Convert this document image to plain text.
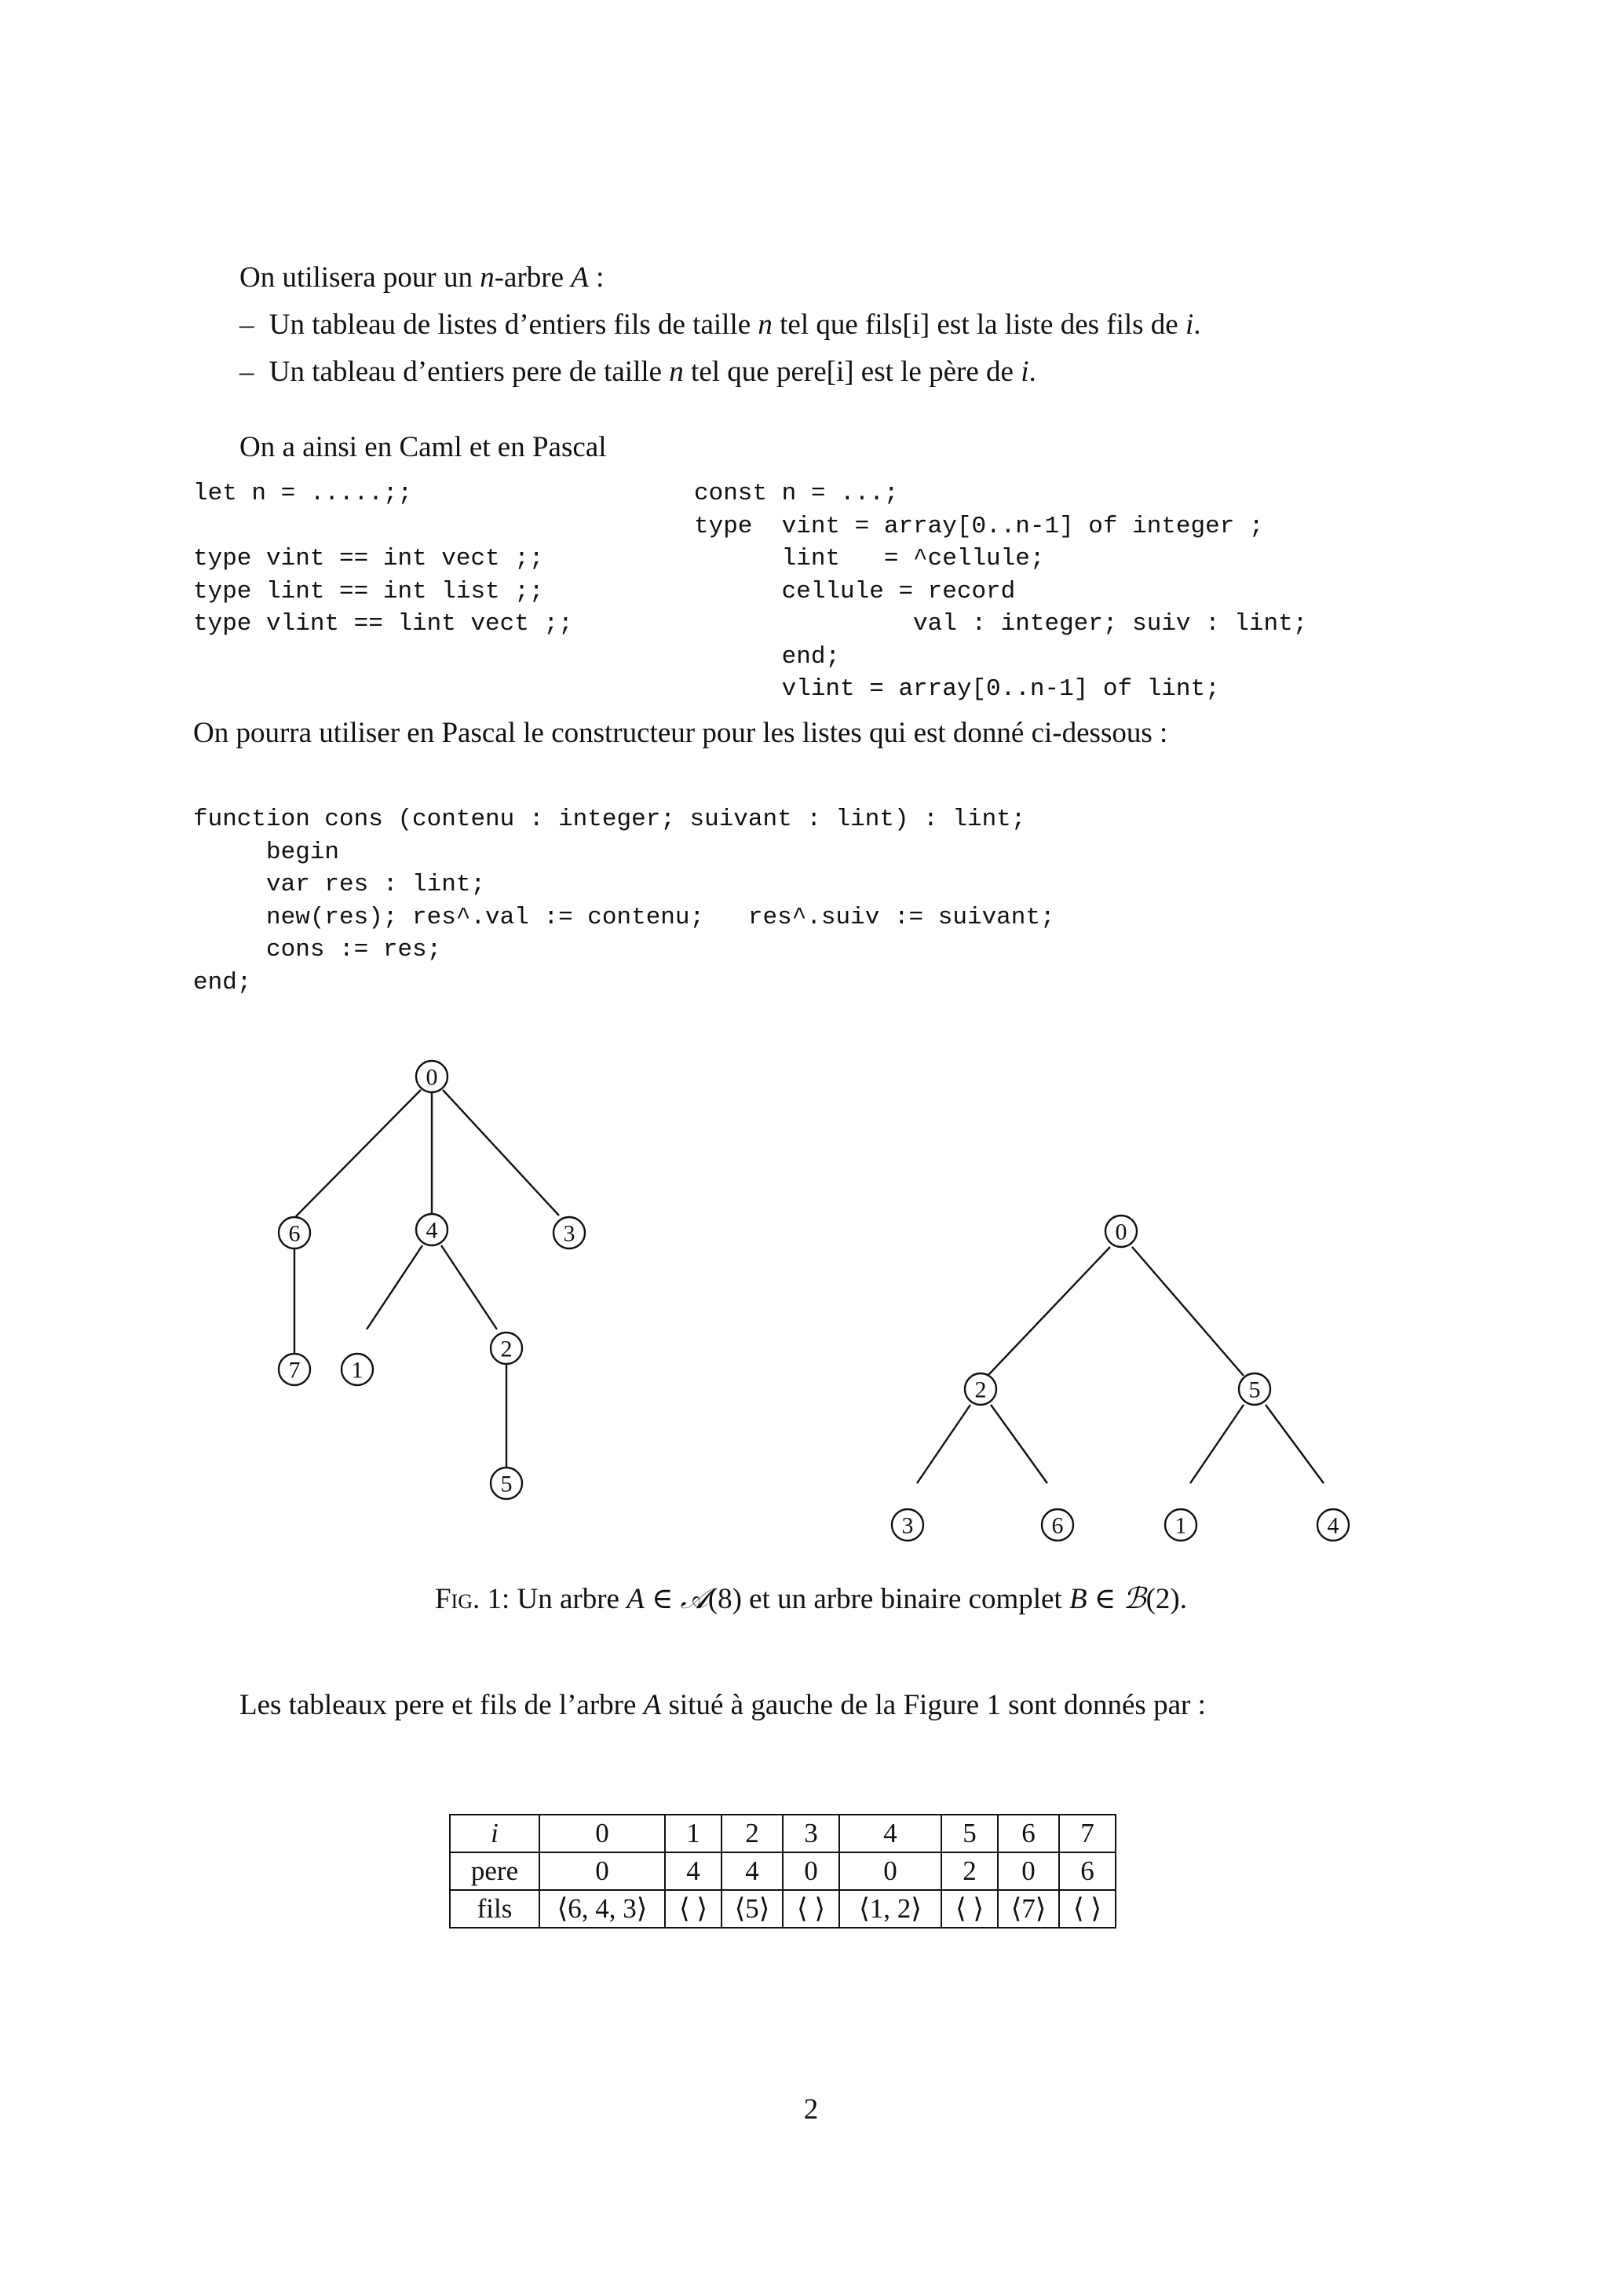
On utilisera pour un n-arbre A :
– Un tableau de listes d’entiers fils de taille n tel que fils[i] est la liste des fils de i.
– Un tableau d’entiers pere de taille n tel que pere[i] est le père de i.
On a ainsi en Caml et en Pascal
let n = .....;;

type vint == int vect ;;
type lint == int list ;;
type vlint == lint vect ;;
const n = ...;
type  vint = array[0..n-1] of integer ;
lint   = ^cellule;
cellule = record
val : integer; suiv : lint;
end;
vlint = array[0..n-1] of lint;
On pourra utiliser en Pascal le constructeur pour les listes qui est donné ci-dessous :
function cons (contenu : integer; suivant : lint) : lint;
begin
var res : lint;
new(res); res^.val := contenu;   res^.suiv := suivant;
cons := res;
end;
0
6	4	3
7 1
2
5
0
2	5
3	6	1	4
Fig. 1: Un arbre A ∈ 𝒜(8) et un arbre binaire complet B ∈ ℬ(2).
Les tableaux pere et fils de l’arbre A situé à gauche de la Figure 1 sont donnés par :
i	0	1	2	3	4	5	6	7
pere	0	4	4	0	0	2	0	6
fils	⟨6, 4, 3⟩	⟨ ⟩	⟨5⟩	⟨ ⟩	⟨1, 2⟩	⟨ ⟩	⟨7⟩	⟨ ⟩
2
